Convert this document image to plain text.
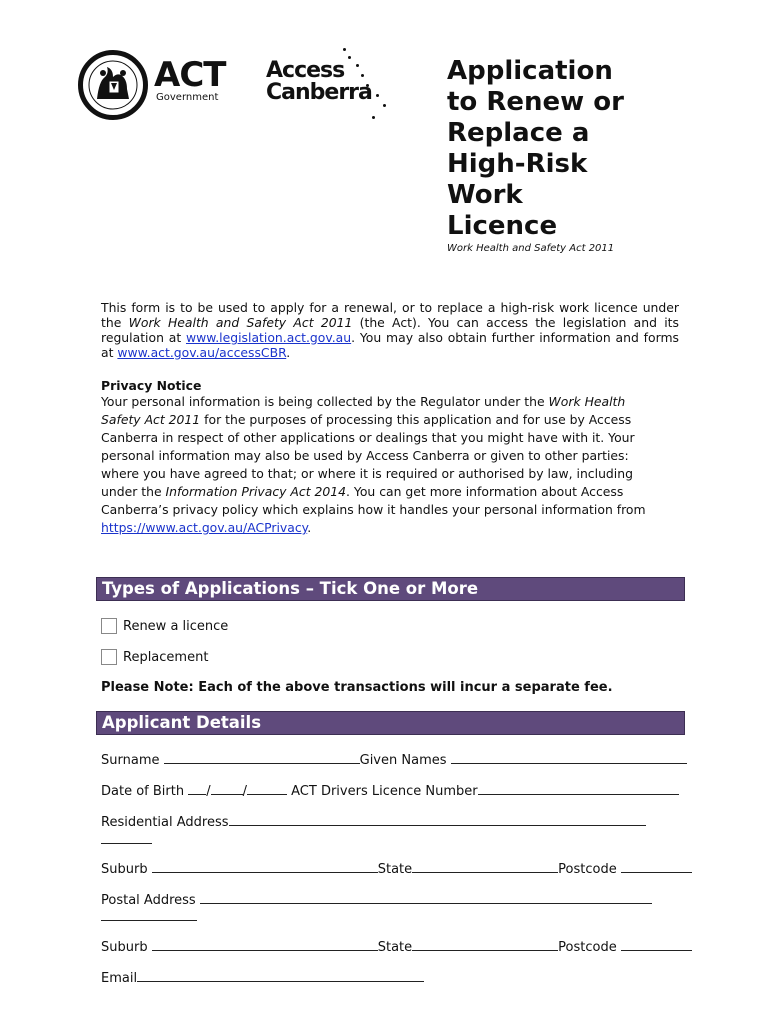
ACT
Government
Access
Canberra
Application
to Renew or
Replace a
High-Risk
Work
Licence
Work Health and Safety Act 2011
This form is to be used to apply for a renewal, or to replace a high-risk work licence under the Work Health and Safety Act 2011 (the Act). You can access the legislation and its regulation at www.legislation.act.gov.au. You may also obtain further information and forms at www.act.gov.au/accessCBR.
Privacy Notice
Your personal information is being collected by the Regulator under the Work Health Safety Act 2011 for the purposes of processing this application and for use by Access Canberra in respect of other applications or dealings that you might have with it. Your personal information may also be used by Access Canberra or given to other parties: where you have agreed to that; or where it is required or authorised by law, including under the Information Privacy Act 2014. You can get more information about Access Canberra’s privacy policy which explains how it handles your personal information from https://www.act.gov.au/ACPrivacy.
Types of Applications – Tick One or More
Renew a licence
Replacement
Please Note: Each of the above transactions will incur a separate fee.
Applicant Details
Surname	Given Names
Date of Birth / /	ACT Drivers Licence Number
Residential Address
Suburb	State	Postcode
Postal Address
Suburb	State	Postcode
Email
